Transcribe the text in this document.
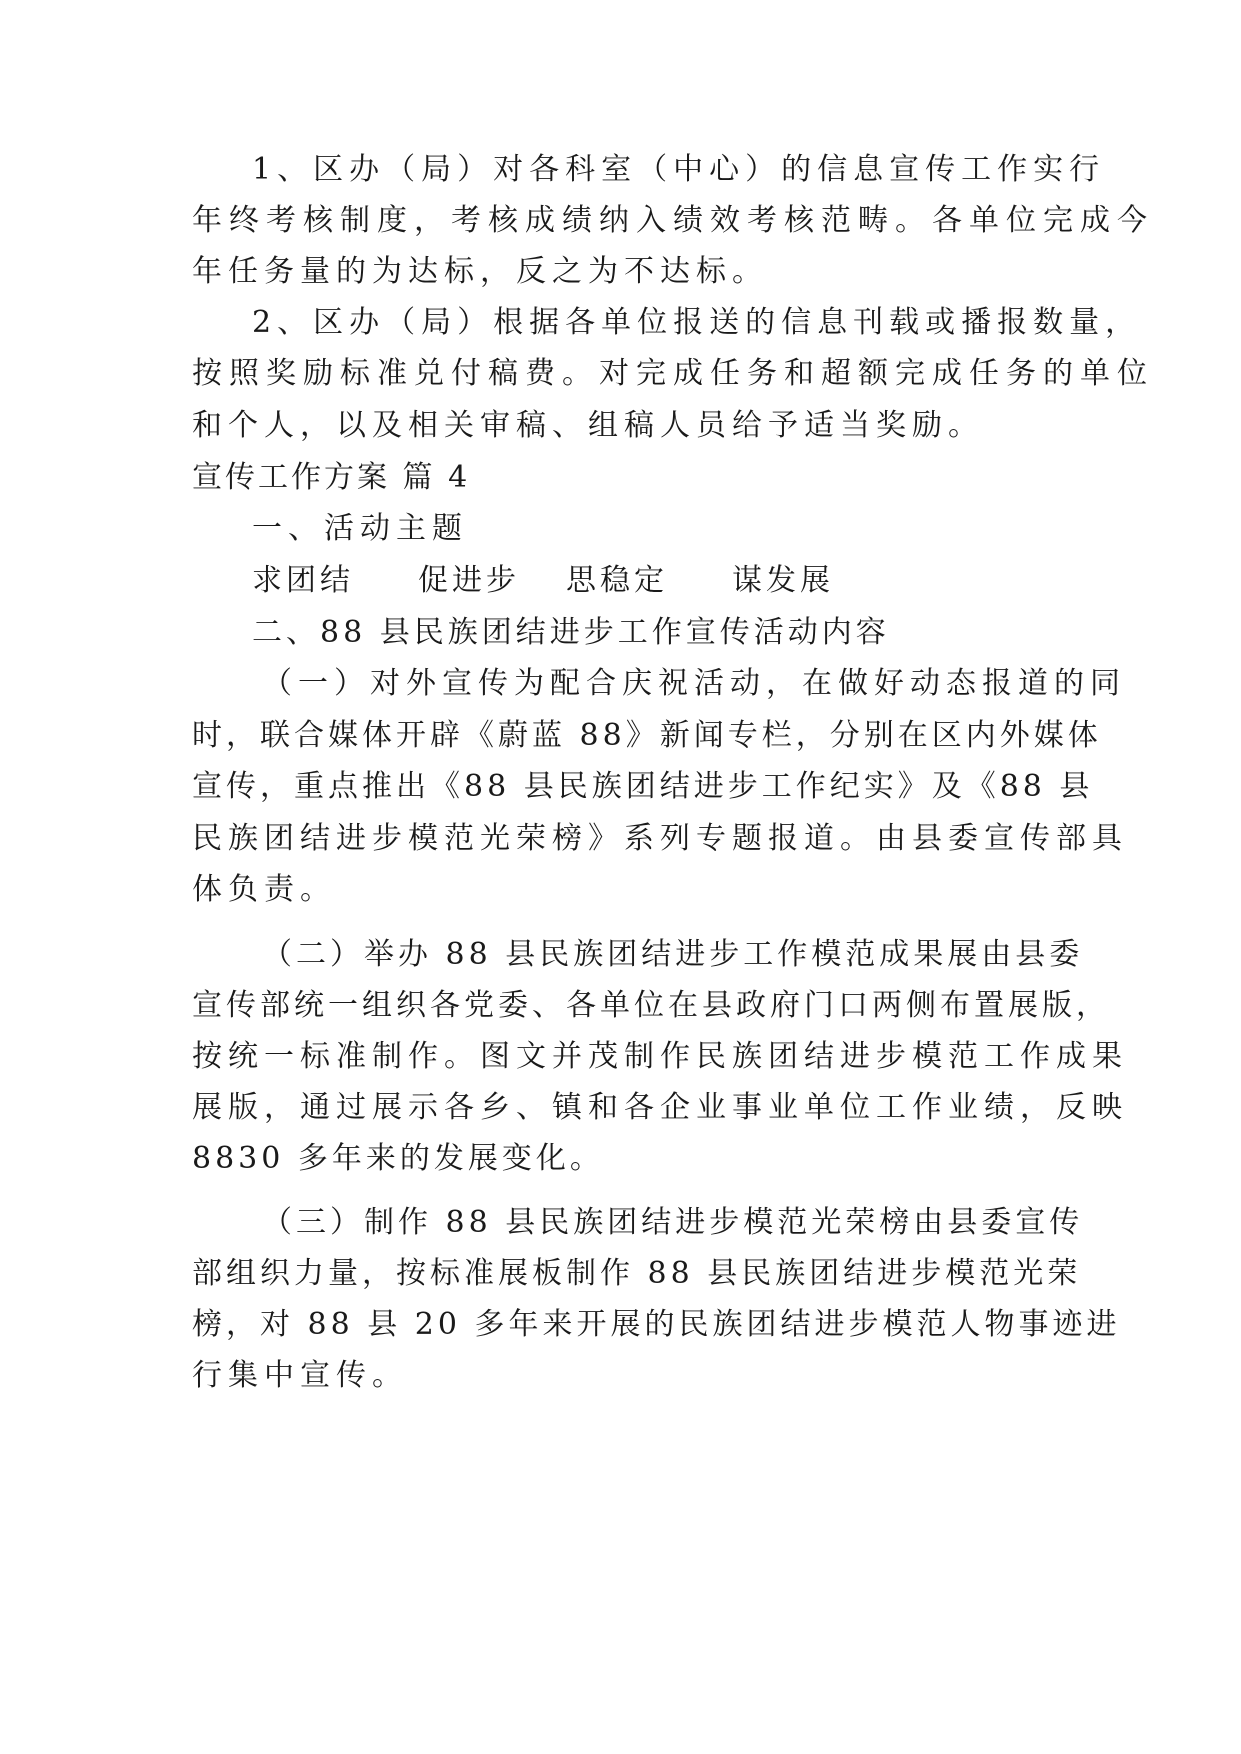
1、区办（局）对各科室（中心）的信息宣传工作实行
年终考核制度，考核成绩纳入绩效考核范畴。各单位完成今
年任务量的为达标，反之为不达标。
2、区办（局）根据各单位报送的信息刊载或播报数量，
按照奖励标准兑付稿费。对完成任务和超额完成任务的单位
和个人，以及相关审稿、组稿人员给予适当奖励。
宣传工作方案 篇 4
一、活动主题
求团结 促进步 思稳定 谋发展
二、88 县民族团结进步工作宣传活动内容
（一）对外宣传为配合庆祝活动，在做好动态报道的同
时，联合媒体开辟《蔚蓝 88》新闻专栏，分别在区内外媒体
宣传，重点推出《88 县民族团结进步工作纪实》及《88 县
民族团结进步模范光荣榜》系列专题报道。由县委宣传部具
体负责。
（二）举办 88 县民族团结进步工作模范成果展由县委
宣传部统一组织各党委、各单位在县政府门口两侧布置展版，
按统一标准制作。图文并茂制作民族团结进步模范工作成果
展版，通过展示各乡、镇和各企业事业单位工作业绩，反映
8830 多年来的发展变化。
（三）制作 88 县民族团结进步模范光荣榜由县委宣传
部组织力量，按标准展板制作 88 县民族团结进步模范光荣
榜，对 88 县 20 多年来开展的民族团结进步模范人物事迹进
行集中宣传。
